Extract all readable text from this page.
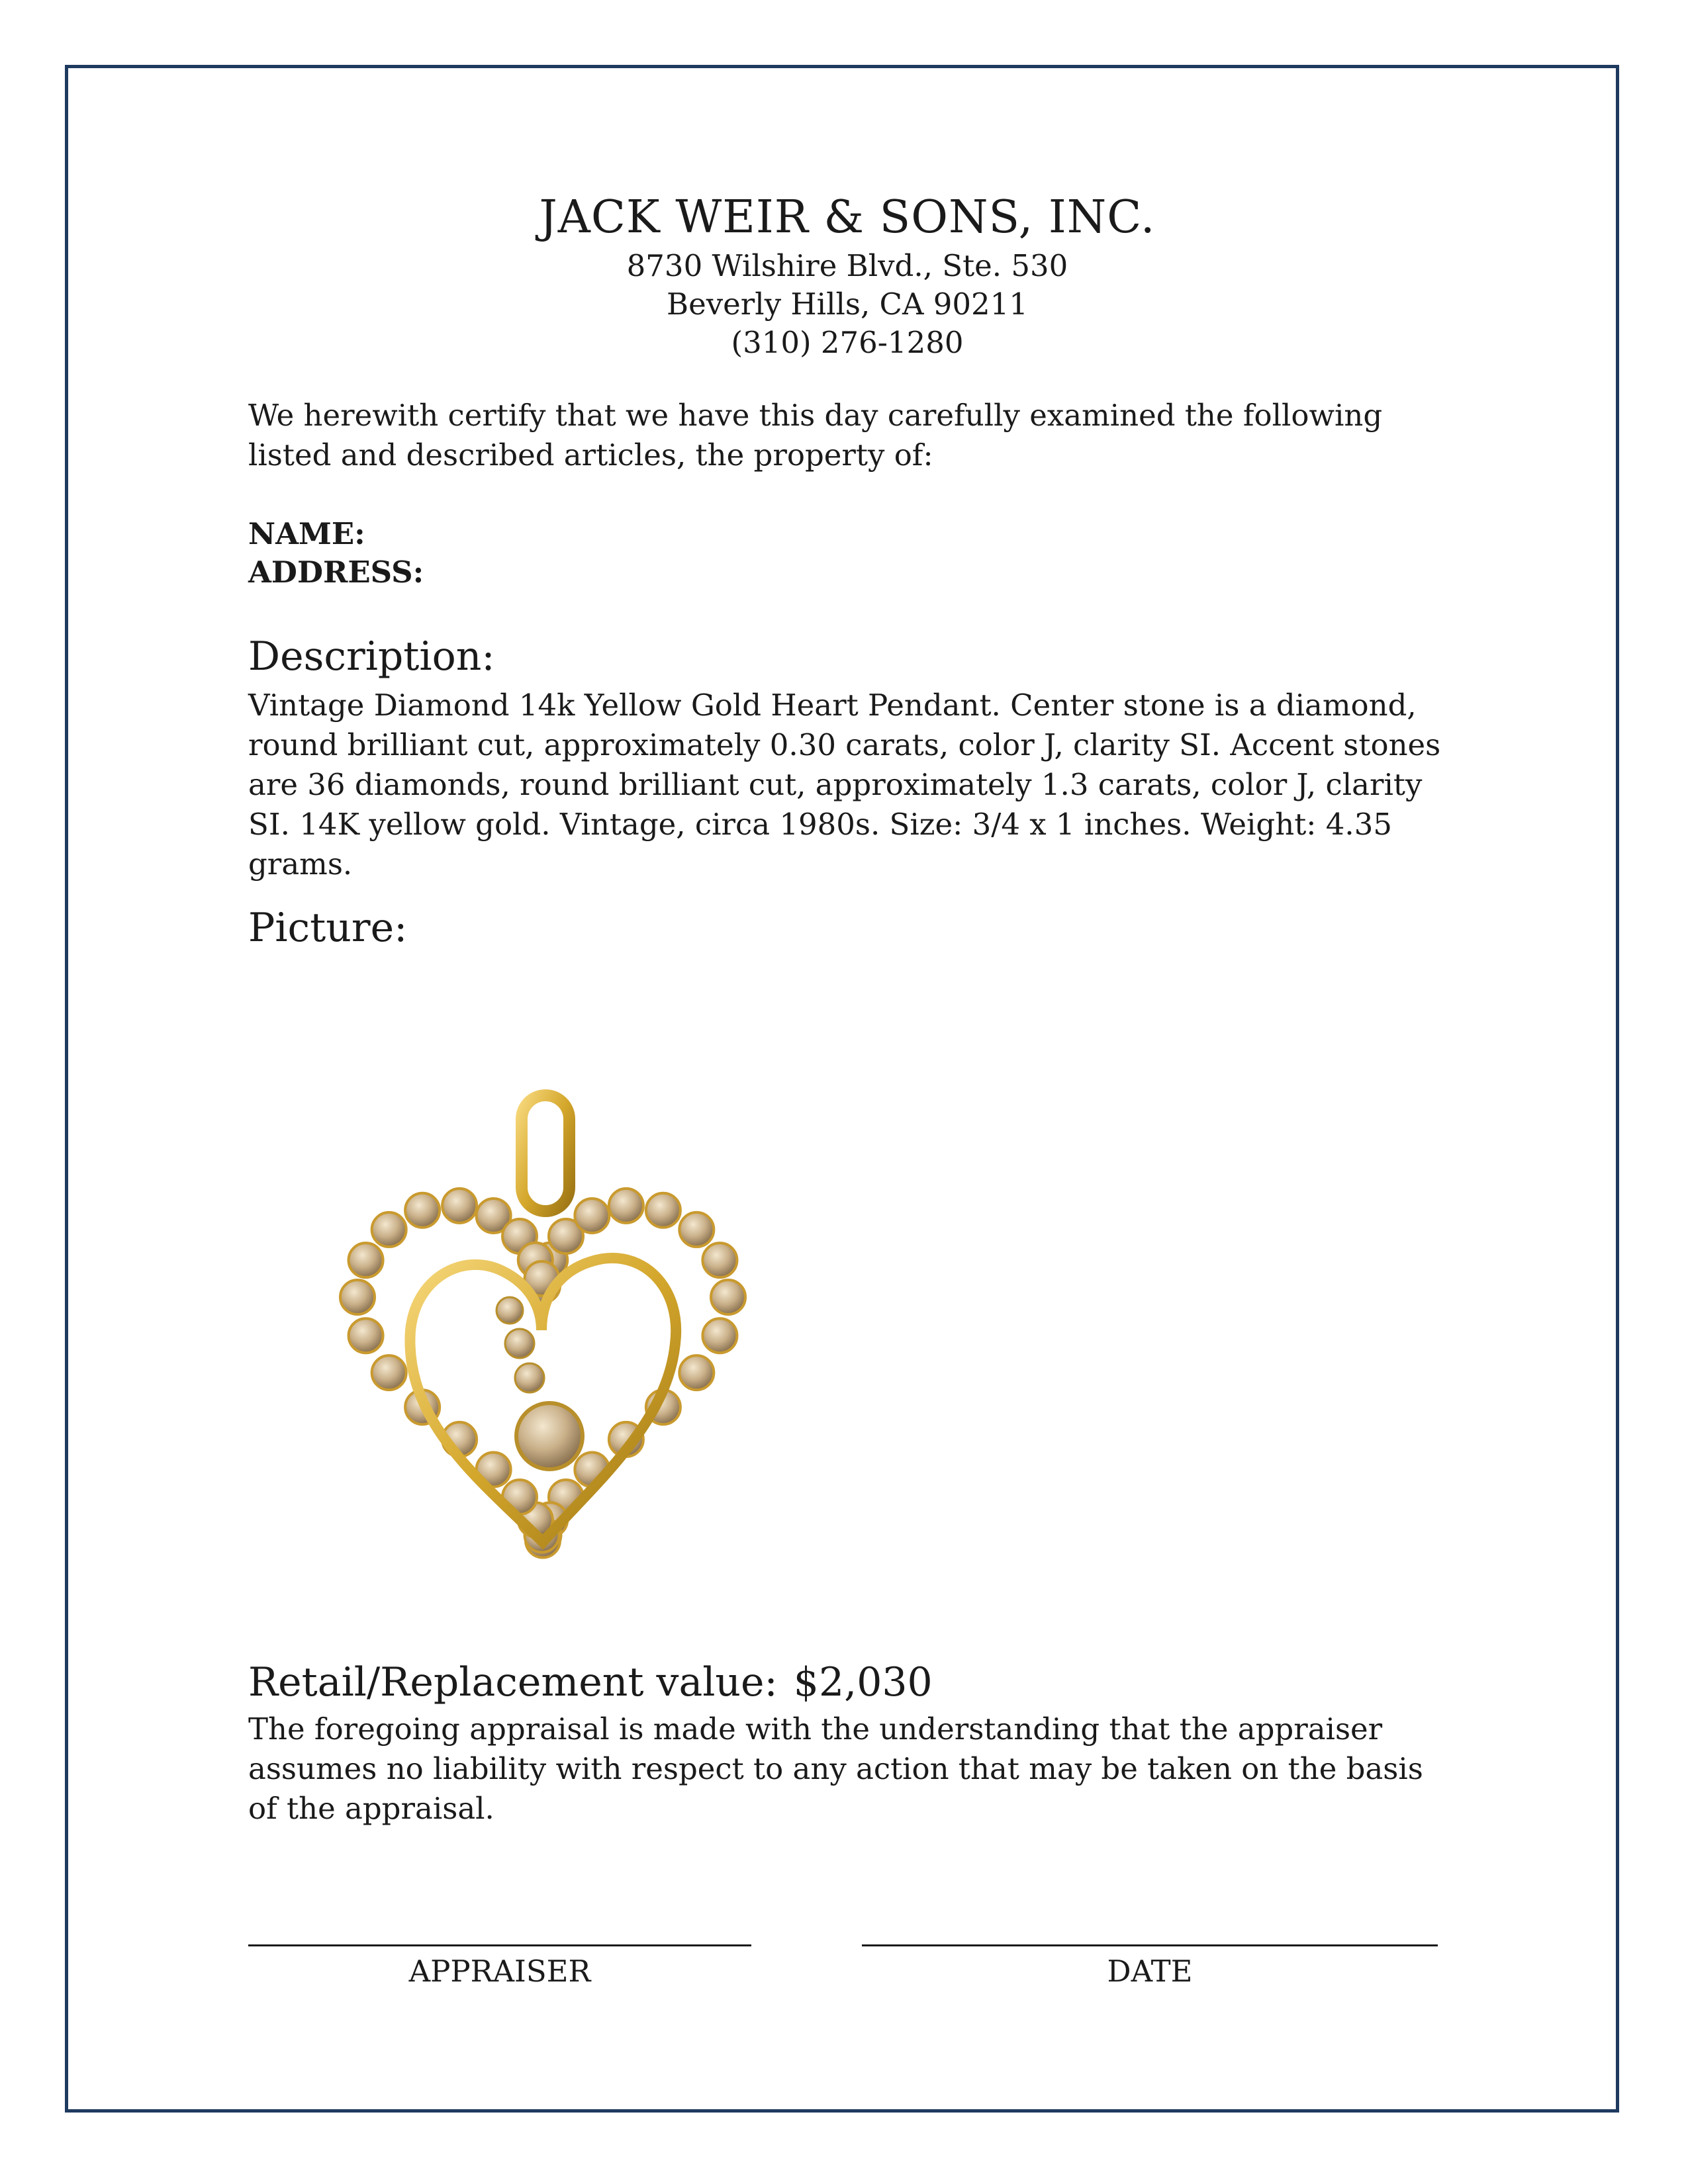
JACK WEIR & SONS, INC.
8730 Wilshire Blvd., Ste. 530
Beverly Hills, CA 90211
(310) 276-1280
We herewith certify that we have this day carefully examined the following listed and described articles, the property of:
NAME:
ADDRESS:
Description:
Vintage Diamond 14k Yellow Gold Heart Pendant. Center stone is a diamond, round brilliant cut, approximately 0.30 carats, color J, clarity SI. Accent stones are 36 diamonds, round brilliant cut, approximately 1.3 carats, color J, clarity SI. 14K yellow gold. Vintage, circa 1980s. Size: 3/4 x 1 inches. Weight: 4.35 grams.
Picture:
Retail/Replacement value: $2,030
The foregoing appraisal is made with the understanding that the appraiser assumes no liability with respect to any action that may be taken on the basis of the appraisal.
APPRAISER	DATE
